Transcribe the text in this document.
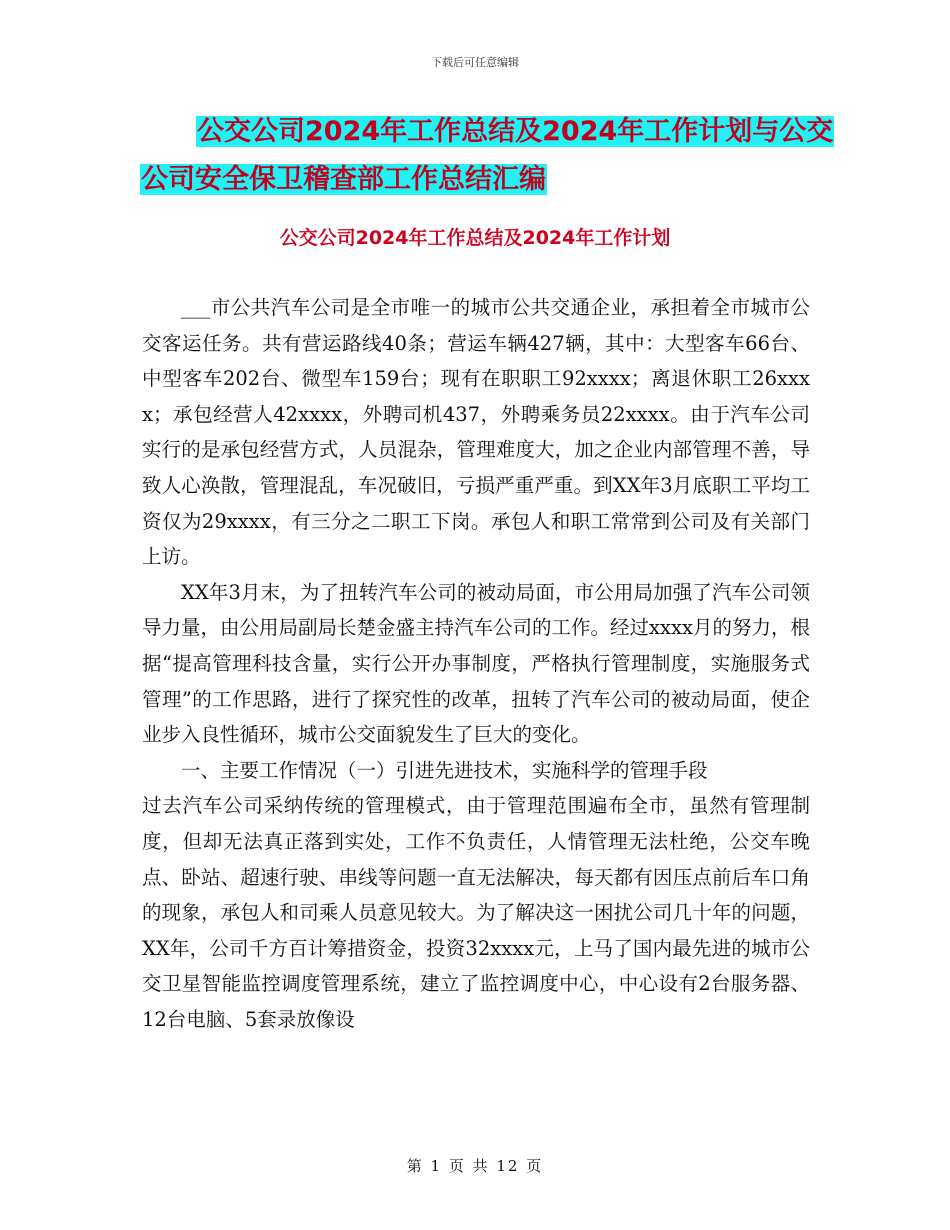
下载后可任意编辑
公交公司2024年工作总结及2024年工作计划与公交
公司安全保卫稽查部工作总结汇编
公交公司2024年工作总结及2024年工作计划

___市公共汽车公司是全市唯一的城市公共交通企业，承担着全市城市公交客运任务。共有营运路线40条；营运车辆427辆，其中：大型客车66台、中型客车202台、微型车159台；现有在职职工92xxxx；离退休职工26xxxx；承包经营人42xxxx，外聘司机437，外聘乘务员22xxxx。由于汽车公司实行的是承包经营方式，人员混杂，管理难度大，加之企业内部管理不善，导致人心涣散，管理混乱，车况破旧，亏损严重严重。到XX年3月底职工平均工资仅为29xxxx，有三分之二职工下岗。承包人和职工常常到公司及有关部门上访。

XX年3月末，为了扭转汽车公司的被动局面，市公用局加强了汽车公司领导力量，由公用局副局长楚金盛主持汽车公司的工作。经过xxxx月的努力，根据“提高管理科技含量，实行公开办事制度，严格执行管理制度，实施服务式管理”的工作思路，进行了探究性的改革，扭转了汽车公司的被动局面，使企业步入良性循环，城市公交面貌发生了巨大的变化。

一、主要工作情况（一）引进先进技术，实施科学的管理手段

过去汽车公司采纳传统的管理模式，由于管理范围遍布全市，虽然有管理制度，但却无法真正落到实处，工作不负责任，人情管理无法杜绝，公交车晚点、卧站、超速行驶、串线等问题一直无法解决，每天都有因压点前后车口角的现象，承包人和司乘人员意见较大。为了解决这一困扰公司几十年的问题，XX年，公司千方百计筹措资金，投资32xxxx元，上马了国内最先进的城市公交卫星智能监控调度管理系统，建立了监控调度中心，中心设有2台服务器、12台电脑、5套录放像设

第 1 页 共 12 页
